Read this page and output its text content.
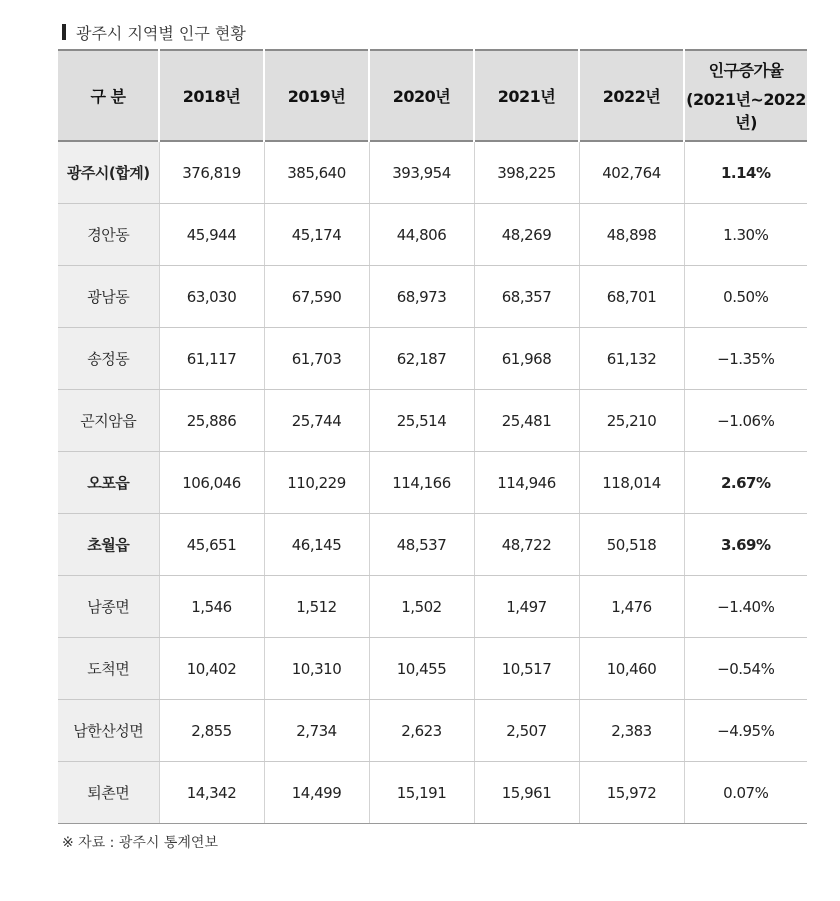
광주시 지역별 인구 현황
구 분	2018년	2019년	2020년	2021년	2022년	인구증가율
(2021년~2022년)

광주시(합계)	376,819	385,640	393,954	398,225	402,764	1.14%
경안동	45,944	45,174	44,806	48,269	48,898	1.30%
광남동	63,030	67,590	68,973	68,357	68,701	0.50%
송정동	61,117	61,703	62,187	61,968	61,132	−1.35%
곤지암읍	25,886	25,744	25,514	25,481	25,210	−1.06%
오포읍	106,046	110,229	114,166	114,946	118,014	2.67%
초월읍	45,651	46,145	48,537	48,722	50,518	3.69%
남종면	1,546	1,512	1,502	1,497	1,476	−1.40%
도척면	10,402	10,310	10,455	10,517	10,460	−0.54%
남한산성면	2,855	2,734	2,623	2,507	2,383	−4.95%
퇴촌면	14,342	14,499	15,191	15,961	15,972	0.07%
※ 자료 : 광주시 통계연보
